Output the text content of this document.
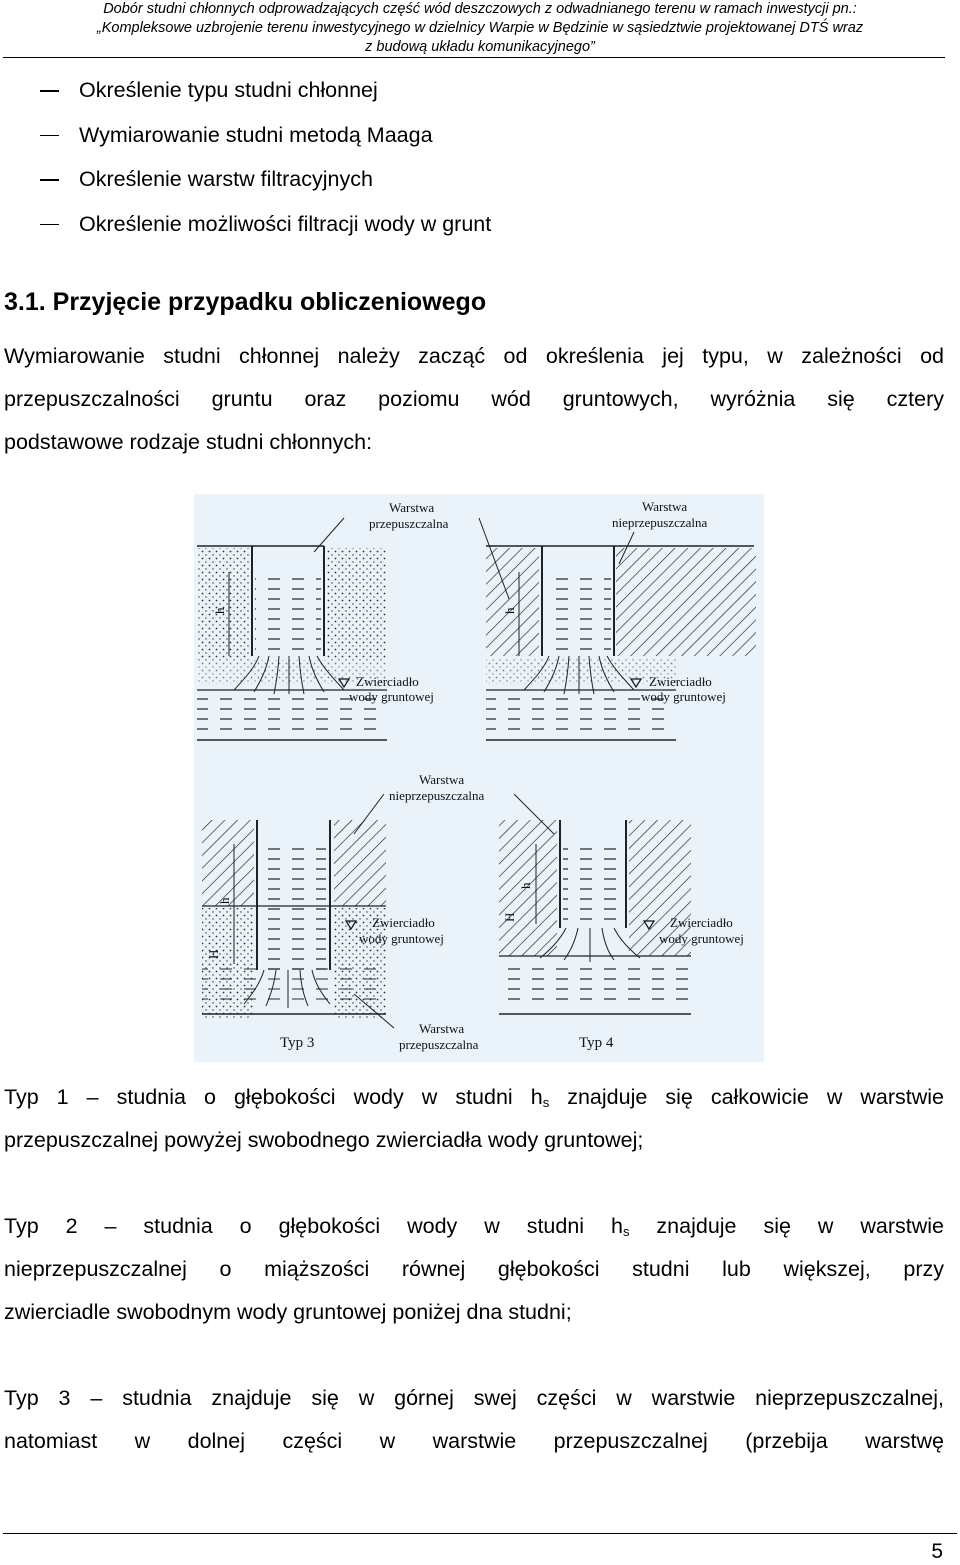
Dobór studni chłonnych odprowadzających część wód deszczowych z odwadnianego terenu w ramach inwestycji pn.:
„Kompleksowe uzbrojenie terenu inwestycyjnego w dzielnicy Warpie w Będzinie w sąsiedztwie projektowanej DTŚ wraz
z budową układu komunikacyjnego”
Określenie typu studni chłonnej
Wymiarowanie studni metodą Maaga
Określenie warstw filtracyjnych
Określenie możliwości filtracji wody w grunt
3.1. Przyjęcie przypadku obliczeniowego
Wymiarowanie studni chłonnej należy zacząć od określenia jej typu, w zależności od
przepuszczalności gruntu oraz poziomu wód gruntowych, wyróżnia się cztery
podstawowe rodzaje studni chłonnych:
h
Zwierciadło
wody gruntowej
Warstwa
przepuszczalna
h
Zwierciadło
wody gruntowej
Warstwa
nieprzepuszczalna
Warstwa
nieprzepuszczalna
h
H
Zwierciadło
wody gruntowej
Typ 3
Warstwa
przepuszczalna
h
H	Zwierciadło
wody gruntowej
Typ 4
Typ 1 – studnia o głębokości wody w studni $h_s$ znajduje się całkowicie w warstwie
przepuszczalnej powyżej swobodnego zwierciadła wody gruntowej;
Typ 2 – studnia o głębokości wody w studni $h_s$ znajduje się w warstwie
nieprzepuszczalnej o miąższości równej głębokości studni lub większej, przy
zwierciadle swobodnym wody gruntowej poniżej dna studni;
Typ 3 – studnia znajduje się w górnej swej części w warstwie nieprzepuszczalnej,
natomiast w dolnej części w warstwie przepuszczalnej (przebija warstwę
5
